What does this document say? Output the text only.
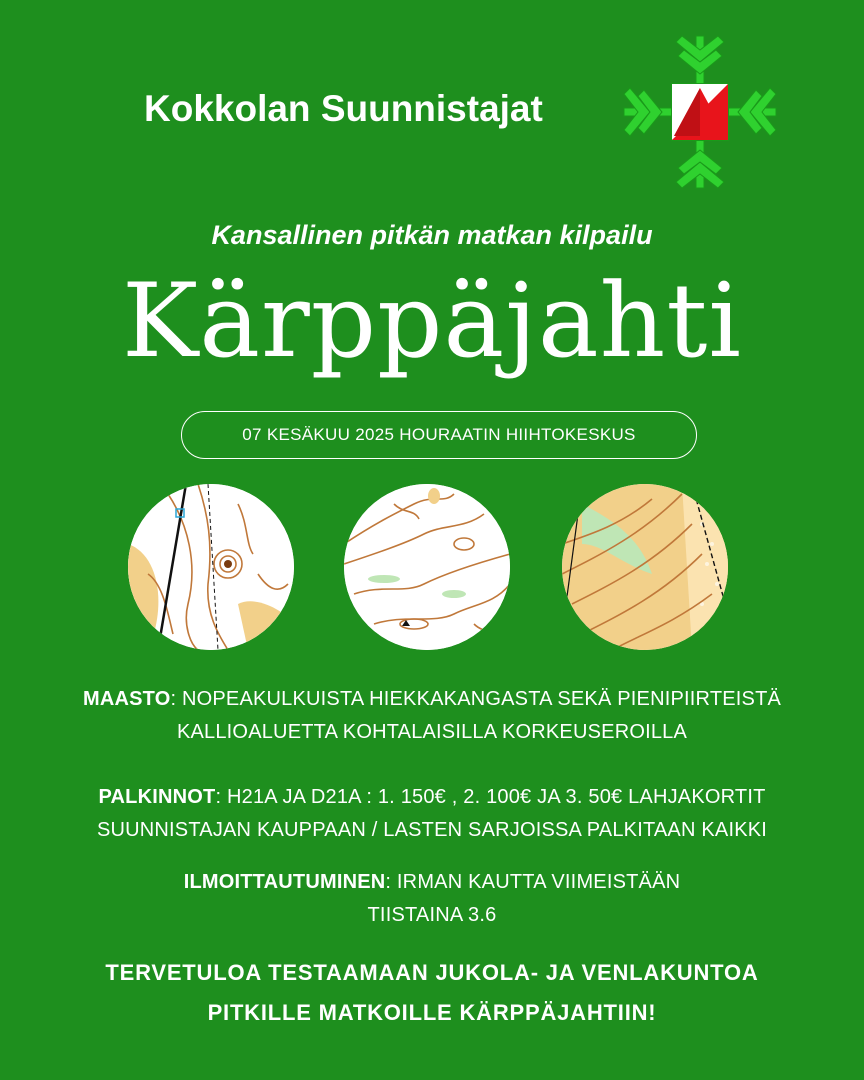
Kokkolan Suunnistajat
Kansallinen pitkän matkan kilpailu
Kärppäjahti
07 KESÄKUU 2025 HOURAATIN HIIHTOKESKUS
MAASTO: NOPEAKULKUISTA HIEKKAKANGASTA SEKÄ PIENIPIIRTEISTÄ
KALLIOALUETTA KOHTALAISILLA KORKEUSEROILLA
PALKINNOT: H21A JA D21A : 1. 150€ , 2. 100€ JA 3. 50€ LAHJAKORTIT
SUUNNISTAJAN KAUPPAAN / LASTEN SARJOISSA PALKITAAN KAIKKI
ILMOITTAUTUMINEN: IRMAN KAUTTA VIIMEISTÄÄN
TIISTAINA 3.6
TERVETULOA TESTAAMAAN JUKOLA- JA VENLAKUNTOA
PITKILLE MATKOILLE KÄRPPÄJAHTIIN!
